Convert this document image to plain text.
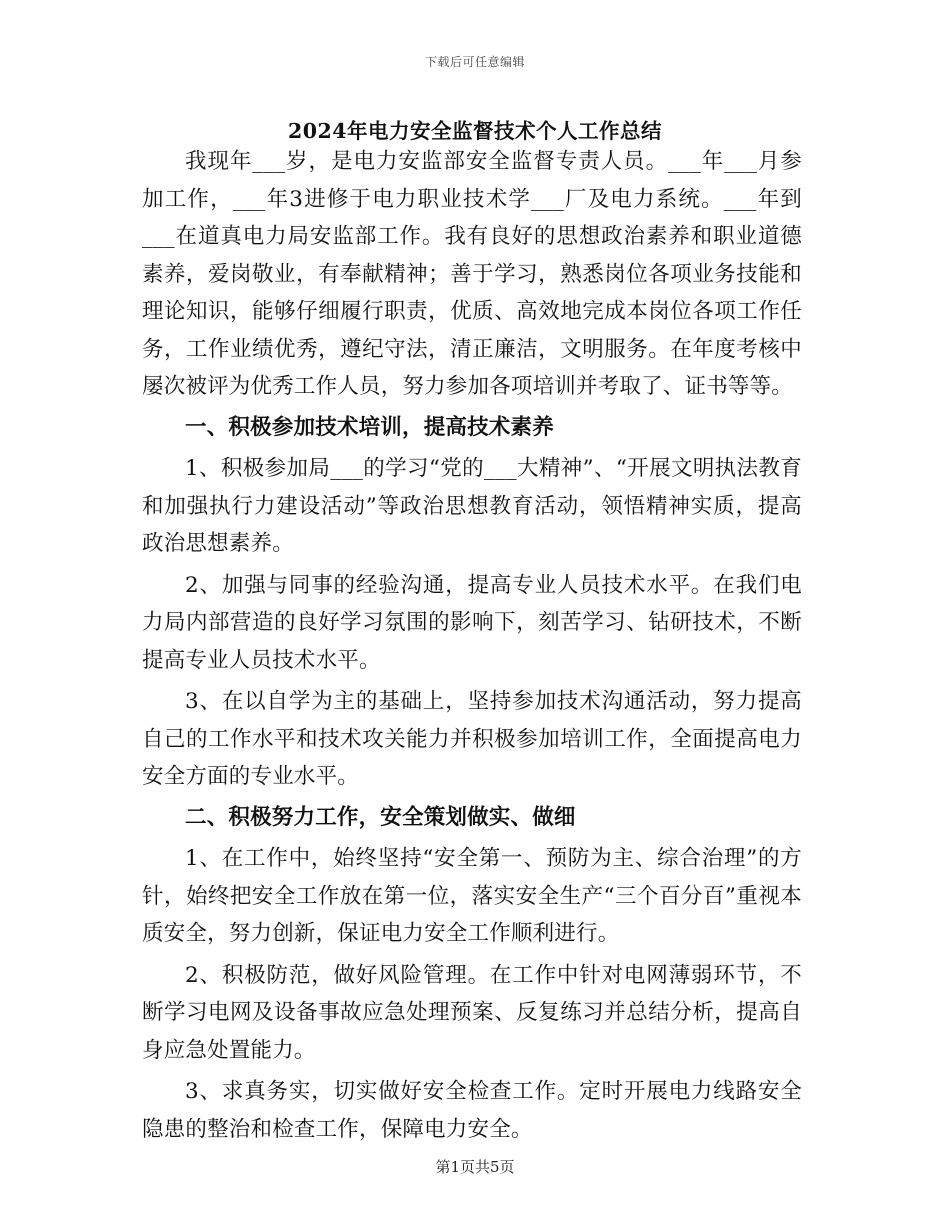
下载后可任意编辑
2024年电力安全监督技术个人工作总结

我现年___岁，是电力安监部安全监督专责人员。___年___月参加工作，___年3进修于电力职业技术学___厂及电力系统。___年到___在道真电力局安监部工作。我有良好的思想政治素养和职业道德素养，爱岗敬业，有奉献精神；善于学习，熟悉岗位各项业务技能和理论知识，能够仔细履行职责，优质、高效地完成本岗位各项工作任务，工作业绩优秀，遵纪守法，清正廉洁，文明服务。在年度考核中屡次被评为优秀工作人员，努力参加各项培训并考取了、证书等等。

一、积极参加技术培训，提高技术素养

1、积极参加局___的学习“党的___大精神”、“开展文明执法教育和加强执行力建设活动”等政治思想教育活动，领悟精神实质，提高政治思想素养。

2、加强与同事的经验沟通，提高专业人员技术水平。在我们电力局内部营造的良好学习氛围的影响下，刻苦学习、钻研技术，不断提高专业人员技术水平。

3、在以自学为主的基础上，坚持参加技术沟通活动，努力提高自己的工作水平和技术攻关能力并积极参加培训工作，全面提高电力安全方面的专业水平。

二、积极努力工作，安全策划做实、做细

1、在工作中，始终坚持“安全第一、预防为主、综合治理”的方针，始终把安全工作放在第一位，落实安全生产“三个百分百”重视本质安全，努力创新，保证电力安全工作顺利进行。

2、积极防范，做好风险管理。在工作中针对电网薄弱环节，不断学习电网及设备事故应急处理预案、反复练习并总结分析，提高自身应急处置能力。

3、求真务实，切实做好安全检查工作。定时开展电力线路安全隐患的整治和检查工作，保障电力安全。

第1页共5页
